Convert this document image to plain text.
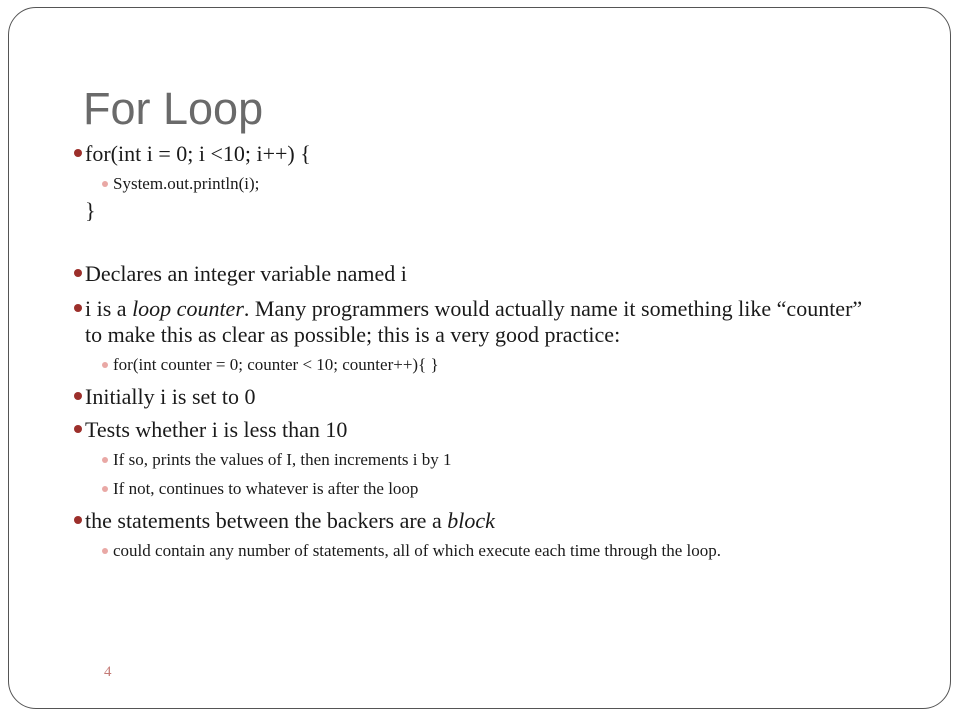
For Loop
for(int i = 0; i <10; i++) {
System.out.println(i);
}
Declares an integer variable named i
i is a loop counter. Many programmers would actually name it something like “counter” to make this as clear as possible; this is a very good practice:
for(int counter = 0; counter < 10; counter++){ }
Initially i is set to 0
Tests whether i is less than 10
If so, prints the values of I, then increments i by 1
If not, continues to whatever is after the loop
the statements between the backers are a block
could contain any number of statements, all of which execute each time through the loop.
4
